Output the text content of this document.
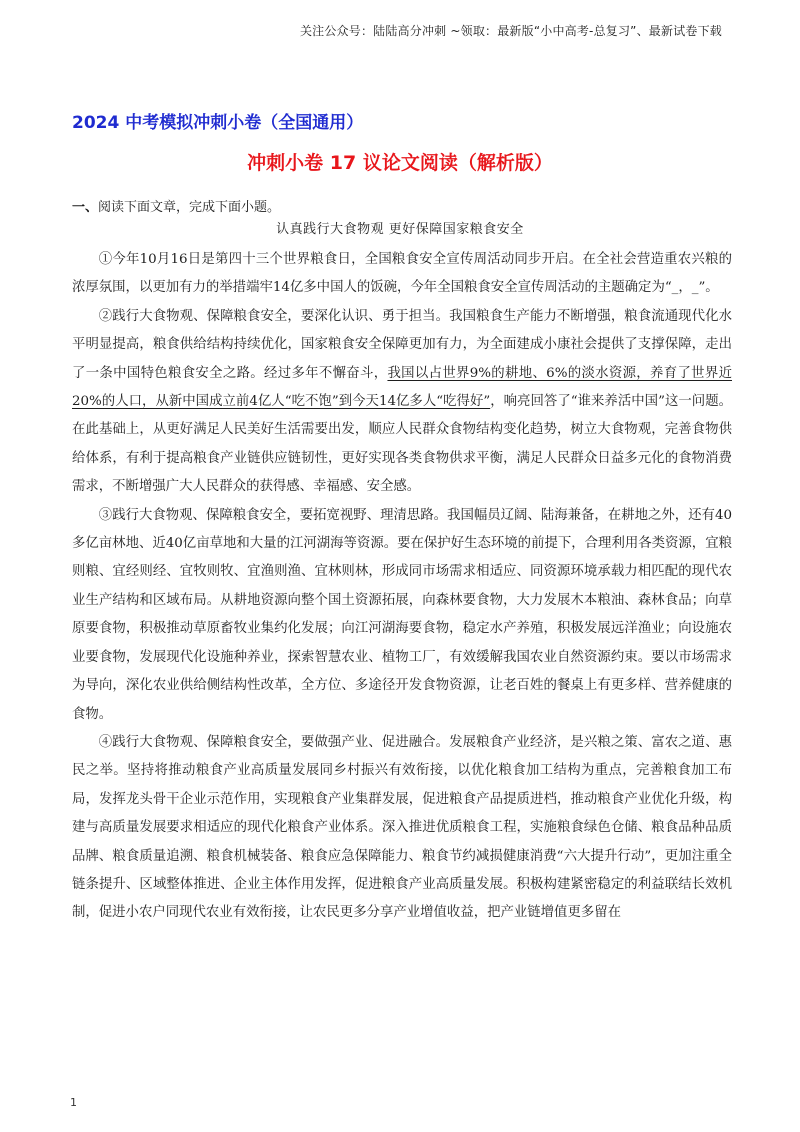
关注公众号：陆陆高分冲刺 ~领取：最新版“小中高考-总复习”、最新试卷下载
2024 中考模拟冲刺小卷（全国通用）
冲刺小卷 17 议论文阅读（解析版）
一、阅读下面文章，完成下面小题。
认真践行大食物观 更好保障国家粮食安全

①今年10月16日是第四十三个世界粮食日，全国粮食安全宣传周活动同步开启。在全社会营造重农兴粮的浓厚氛围，以更加有力的举措端牢14亿多中国人的饭碗，今年全国粮食安全宣传周活动的主题确定为“_，_”。

②践行大食物观、保障粮食安全，要深化认识、勇于担当。我国粮食生产能力不断增强，粮食流通现代化水平明显提高，粮食供给结构持续优化，国家粮食安全保障更加有力，为全面建成小康社会提供了支撑保障，走出了一条中国特色粮食安全之路。经过多年不懈奋斗，我国以占世界9%的耕地、6%的淡水资源，养育了世界近20%的人口，从新中国成立前4亿人“吃不饱”到今天14亿多人“吃得好”，响亮回答了“谁来养活中国”这一问题。在此基础上，从更好满足人民美好生活需要出发，顺应人民群众食物结构变化趋势，树立大食物观，完善食物供给体系，有利于提高粮食产业链供应链韧性，更好实现各类食物供求平衡，满足人民群众日益多元化的食物消费需求，不断增强广大人民群众的获得感、幸福感、安全感。

③践行大食物观、保障粮食安全，要拓宽视野、理清思路。我国幅员辽阔、陆海兼备，在耕地之外，还有40多亿亩林地、近40亿亩草地和大量的江河湖海等资源。要在保护好生态环境的前提下，合理利用各类资源，宜粮则粮、宜经则经、宜牧则牧、宜渔则渔、宜林则林，形成同市场需求相适应、同资源环境承载力相匹配的现代农业生产结构和区域布局。从耕地资源向整个国土资源拓展，向森林要食物，大力发展木本粮油、森林食品；向草原要食物，积极推动草原畜牧业集约化发展；向江河湖海要食物，稳定水产养殖，积极发展远洋渔业；向设施农业要食物，发展现代化设施种养业，探索智慧农业、植物工厂，有效缓解我国农业自然资源约束。要以市场需求为导向，深化农业供给侧结构性改革，全方位、多途径开发食物资源，让老百姓的餐桌上有更多样、营养健康的食物。

④践行大食物观、保障粮食安全，要做强产业、促进融合。发展粮食产业经济，是兴粮之策、富农之道、惠民之举。坚持将推动粮食产业高质量发展同乡村振兴有效衔接，以优化粮食加工结构为重点，完善粮食加工布局，发挥龙头骨干企业示范作用，实现粮食产业集群发展，促进粮食产品提质进档，推动粮食产业优化升级，构建与高质量发展要求相适应的现代化粮食产业体系。深入推进优质粮食工程，实施粮食绿色仓储、粮食品种品质品牌、粮食质量追溯、粮食机械装备、粮食应急保障能力、粮食节约减损健康消费“六大提升行动”，更加注重全链条提升、区域整体推进、企业主体作用发挥，促进粮食产业高质量发展。积极构建紧密稳定的利益联结长效机制，促进小农户同现代农业有效衔接，让农民更多分享产业增值收益，把产业链增值更多留在

1
